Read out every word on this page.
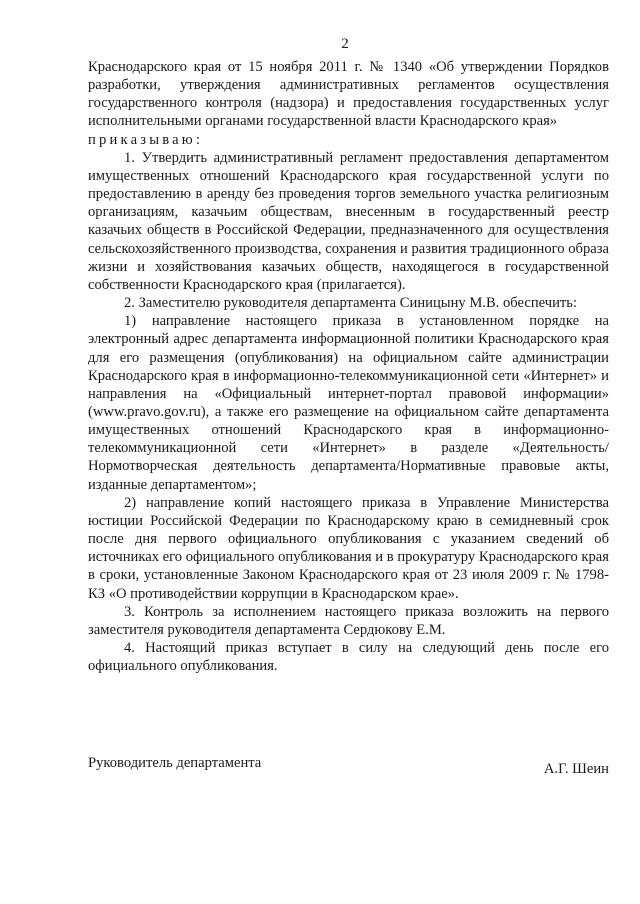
2

Краснодарского края от 15 ноября 2011 г. № 1340 «Об утверждении Порядков разработки, утверждения административных регламентов осуществления государственного контроля (надзора) и предоставления государственных услуг исполнительными органами государственной власти Краснодарского края»

приказываю:

1. Утвердить административный регламент предоставления департаментом имущественных отношений Краснодарского края государственной услуги по предоставлению в аренду без проведения торгов земельного участка религиозным организациям, казачьим обществам, внесенным в государственный реестр казачьих обществ в Российской Федерации, предназначенного для осуществления сельскохозяйственного производства, сохранения и развития традиционного образа жизни и хозяйствования казачьих обществ, находящегося в государственной собственности Краснодарского края (прилагается).

2. Заместителю руководителя департамента Синицыну М.В. обеспечить:

1) направление настоящего приказа в установленном порядке на электронный адрес департамента информационной политики Краснодарского края для его размещения (опубликования) на официальном сайте администрации Краснодарского края в информационно-телекоммуникационной сети «Интернет» и направления на «Официальный интернет-портал правовой информации» (www.pravo.gov.ru), а также его размещение на официальном сайте департамента имущественных отношений Краснодарского края в информационно-телекоммуникационной сети «Интернет» в разделе «Деятельность/Нормотворческая деятельность департамента/Нормативные правовые акты, изданные департаментом»;

2) направление копий настоящего приказа в Управление Министерства юстиции Российской Федерации по Краснодарскому краю в семидневный срок после дня первого официального опубликования с указанием сведений об источниках его официального опубликования и в прокуратуру Краснодарского края в сроки, установленные Законом Краснодарского края от 23 июля 2009 г. № 1798-КЗ «О противодействии коррупции в Краснодарском крае».

3. Контроль за исполнением настоящего приказа возложить на первого заместителя руководителя департамента Сердюкову Е.М.

4. Настоящий приказ вступает в силу на следующий день после его официального опубликования.

Руководитель департамента	А.Г. Шеин
